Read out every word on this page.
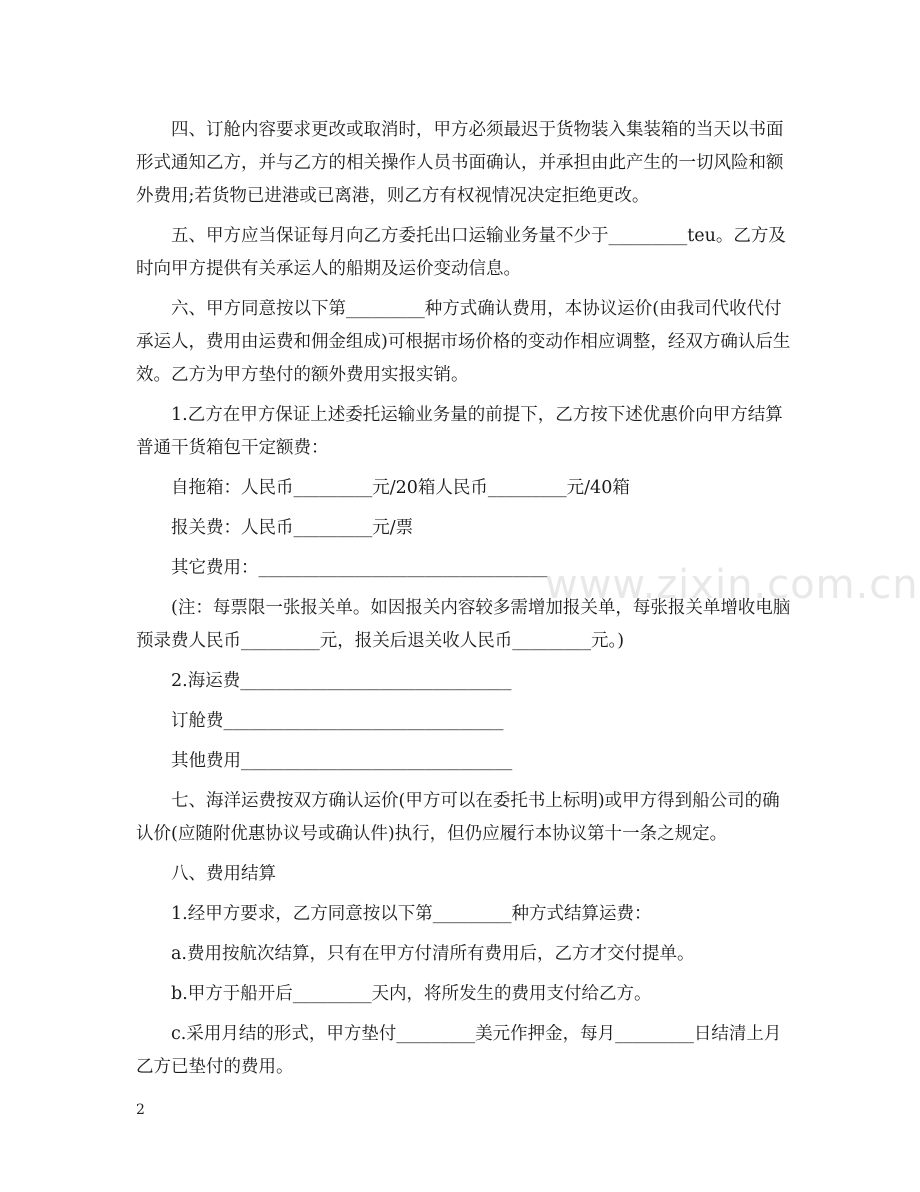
www.zixin.com.cn

四、订舱内容要求更改或取消时，甲方必须最迟于货物装入集装箱的当天以书面形式通知乙方，并与乙方的相关操作人员书面确认，并承担由此产生的一切风险和额外费用;若货物已进港或已离港，则乙方有权视情况决定拒绝更改。

五、甲方应当保证每月向乙方委托出口运输业务量不少于_________teu。乙方及时向甲方提供有关承运人的船期及运价变动信息。

六、甲方同意按以下第_________种方式确认费用，本协议运价(由我司代收代付承运人，费用由运费和佣金组成)可根据市场价格的变动作相应调整，经双方确认后生效。乙方为甲方垫付的额外费用实报实销。

1.乙方在甲方保证上述委托运输业务量的前提下，乙方按下述优惠价向甲方结算普通干货箱包干定额费：

自拖箱：人民币_________元/20箱人民币_________元/40箱

报关费：人民币_________元/票

其它费用：_________________________________

(注：每票限一张报关单。如因报关内容较多需增加报关单，每张报关单增收电脑预录费人民币_________元，报关后退关收人民币_________元。)

2.海运费_______________________________

订舱费________________________________

其他费用_______________________________

七、海洋运费按双方确认运价(甲方可以在委托书上标明)或甲方得到船公司的确认价(应随附优惠协议号或确认件)执行，但仍应履行本协议第十一条之规定。

八、费用结算

1.经甲方要求，乙方同意按以下第_________种方式结算运费：

a.费用按航次结算，只有在甲方付清所有费用后，乙方才交付提单。

b.甲方于船开后_________天内，将所发生的费用支付给乙方。

c.采用月结的形式，甲方垫付_________美元作押金，每月_________日结清上月乙方已垫付的费用。

2
